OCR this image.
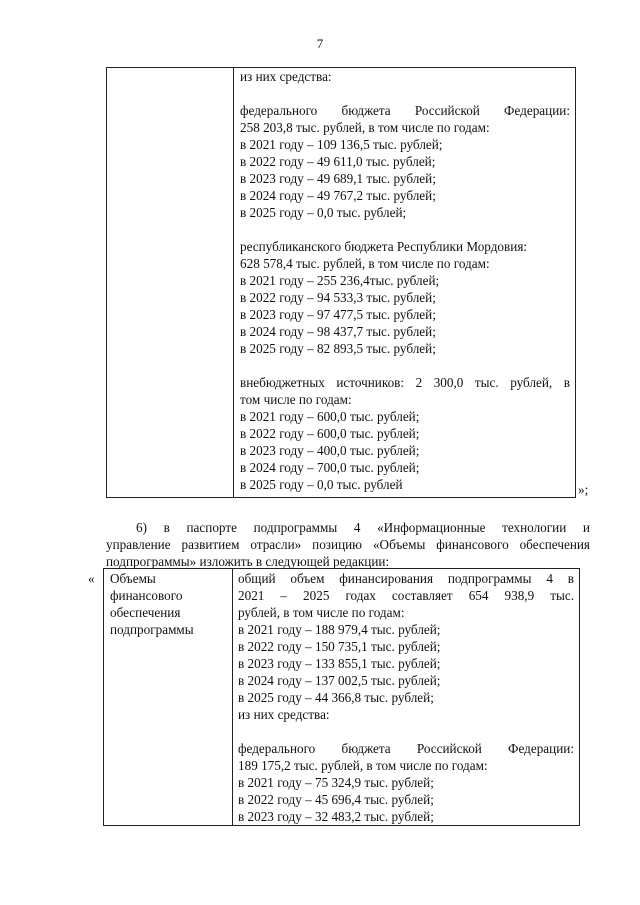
7
из них средства:
федерального бюджета Российской Федерации:
258 203,8 тыс. рублей, в том числе по годам:
в 2021 году – 109 136,5 тыс. рублей;
в 2022 году – 49 611,0 тыс. рублей;
в 2023 году – 49 689,1 тыс. рублей;
в 2024 году – 49 767,2 тыс. рублей;
в 2025 году – 0,0 тыс. рублей;
республиканского бюджета Республики Мордовия:
628 578,4 тыс. рублей, в том числе по годам:
в 2021 году – 255 236,4тыс. рублей;
в 2022 году – 94 533,3 тыс. рублей;
в 2023 году – 97 477,5 тыс. рублей;
в 2024 году – 98 437,7 тыс. рублей;
в 2025 году – 82 893,5 тыс. рублей;
внебюджетных источников: 2 300,0 тыс. рублей, в
том числе по годам:
в 2021 году – 600,0 тыс. рублей;
в 2022 году – 600,0 тыс. рублей;
в 2023 году – 400,0 тыс. рублей;
в 2024 году – 700,0 тыс. рублей;
в 2025 году – 0,0 тыс. рублей	»;
6) в паспорте подпрограммы 4 «Информационные технологии и
управление развитием отрасли» позицию «Объемы финансового обеспечения
подпрограммы» изложить в следующей редакции:
« Объемы
финансового
обеспечения
подпрограммы
общий объем финансирования подпрограммы 4 в
2021 – 2025 годах составляет 654 938,9 тыс.
рублей, в том числе по годам:
в 2021 году – 188 979,4 тыс. рублей;
в 2022 году – 150 735,1 тыс. рублей;
в 2023 году – 133 855,1 тыс. рублей;
в 2024 году – 137 002,5 тыс. рублей;
в 2025 году – 44 366,8 тыс. рублей;
из них средства:
федерального бюджета Российской Федерации:
189 175,2 тыс. рублей, в том числе по годам:
в 2021 году – 75 324,9 тыс. рублей;
в 2022 году – 45 696,4 тыс. рублей;
в 2023 году – 32 483,2 тыс. рублей;
